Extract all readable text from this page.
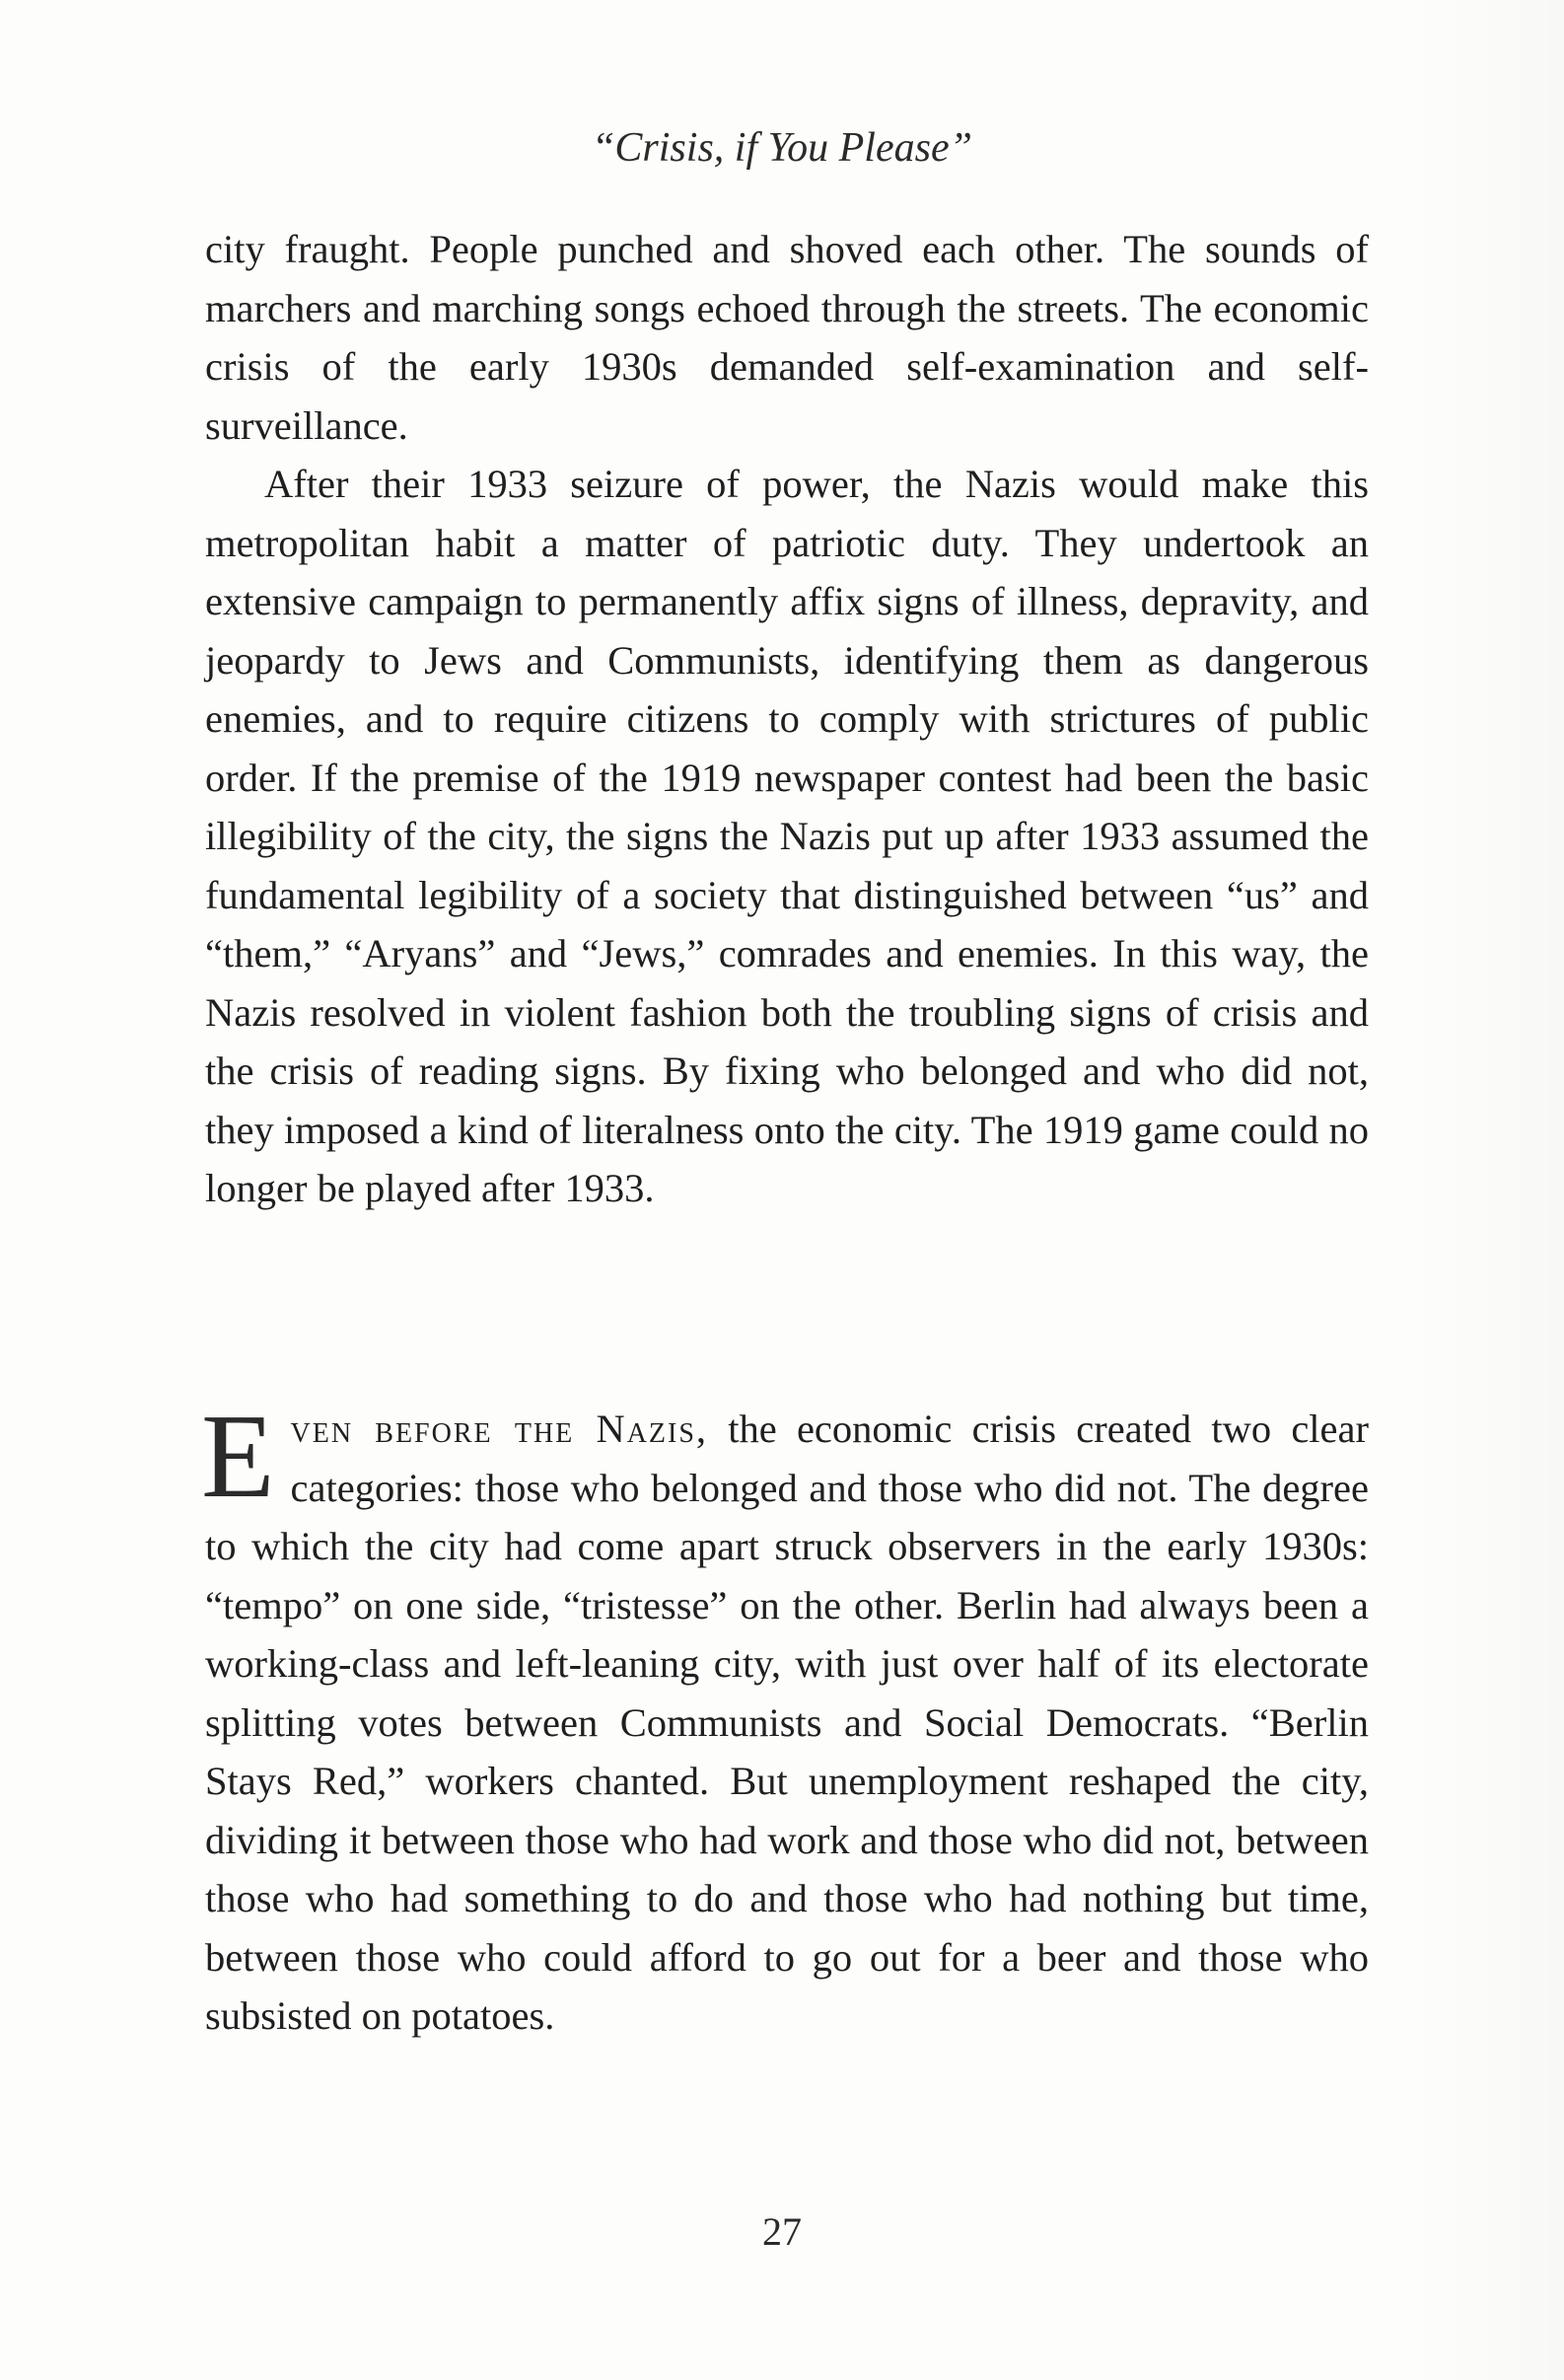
“Crisis, if You Please”

city fraught. People punched and shoved each other. The sounds of marchers and marching songs echoed through the streets. The economic crisis of the early 1930s demanded self-examination and self-surveillance.

After their 1933 seizure of power, the Nazis would make this metropolitan habit a matter of patriotic duty. They undertook an extensive campaign to permanently affix signs of illness, depravity, and jeopardy to Jews and Communists, identifying them as dangerous enemies, and to require citizens to comply with strictures of public order. If the premise of the 1919 newspaper contest had been the basic illegibility of the city, the signs the Nazis put up after 1933 assumed the fundamental legibility of a society that distinguished between “us” and “them,” “Aryans” and “Jews,” comrades and enemies. In this way, the Nazis resolved in violent fashion both the troubling signs of crisis and the crisis of reading signs. By fixing who belonged and who did not, they imposed a kind of literalness onto the city. The 1919 game could no longer be played after 1933.

Even before the Nazis, the economic crisis created two clear categories: those who belonged and those who did not. The degree to which the city had come apart struck observers in the early 1930s: “tempo” on one side, “tristesse” on the other. Berlin had always been a working-class and left-leaning city, with just over half of its electorate splitting votes between Communists and Social Democrats. “Berlin Stays Red,” workers chanted. But unemployment reshaped the city, dividing it between those who had work and those who did not, between those who had something to do and those who had nothing but time, between those who could afford to go out for a beer and those who subsisted on potatoes.

27
